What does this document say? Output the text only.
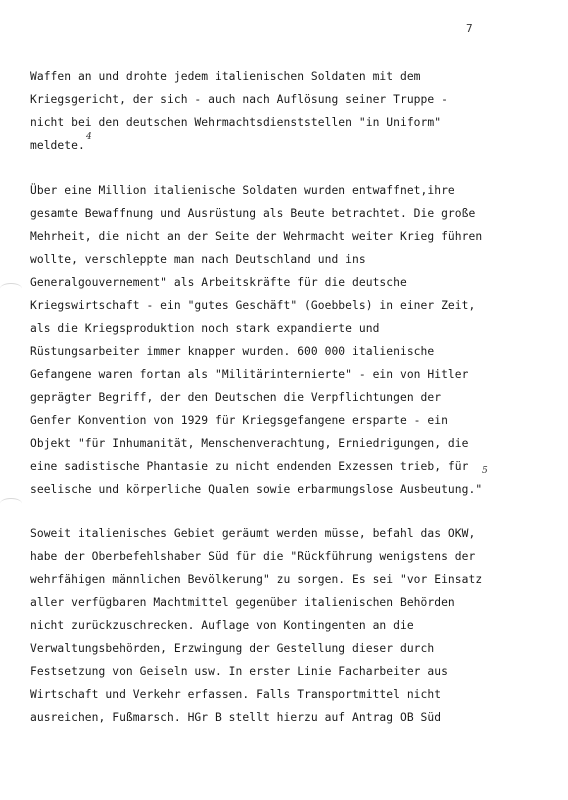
7
Waffen an und drohte jedem italienischen Soldaten mit dem
Kriegsgericht, der sich - auch nach Auflösung seiner Truppe -
nicht bei den deutschen Wehrmachtsdienststellen "in Uniform"
meldete.
4
Über eine Million italienische Soldaten wurden entwaffnet,ihre
gesamte Bewaffnung und Ausrüstung als Beute betrachtet. Die große
Mehrheit, die nicht an der Seite der Wehrmacht weiter Krieg führen
wollte, verschleppte man nach Deutschland und ins
Generalgouvernement" als Arbeitskräfte für die deutsche
Kriegswirtschaft - ein "gutes Geschäft" (Goebbels) in einer Zeit,
als die Kriegsproduktion noch stark expandierte und
Rüstungsarbeiter immer knapper wurden. 600 000 italienische
Gefangene waren fortan als "Militärinternierte" - ein von Hitler
geprägter Begriff, der den Deutschen die Verpflichtungen der
Genfer Konvention von 1929 für Kriegsgefangene ersparte - ein
Objekt "für Inhumanität, Menschenverachtung, Erniedrigungen, die
eine sadistische Phantasie zu nicht endenden Exzessen trieb, für
seelische und körperliche Qualen sowie erbarmungslose Ausbeutung."
5
Soweit italienisches Gebiet geräumt werden müsse, befahl das OKW,
habe der Oberbefehlshaber Süd für die "Rückführung wenigstens der
wehrfähigen männlichen Bevölkerung" zu sorgen. Es sei "vor Einsatz
aller verfügbaren Machtmittel gegenüber italienischen Behörden
nicht zurückzuschrecken. Auflage von Kontingenten an die
Verwaltungsbehörden, Erzwingung der Gestellung dieser durch
Festsetzung von Geiseln usw. In erster Linie Facharbeiter aus
Wirtschaft und Verkehr erfassen. Falls Transportmittel nicht
ausreichen, Fußmarsch. HGr B stellt hierzu auf Antrag OB Süd
